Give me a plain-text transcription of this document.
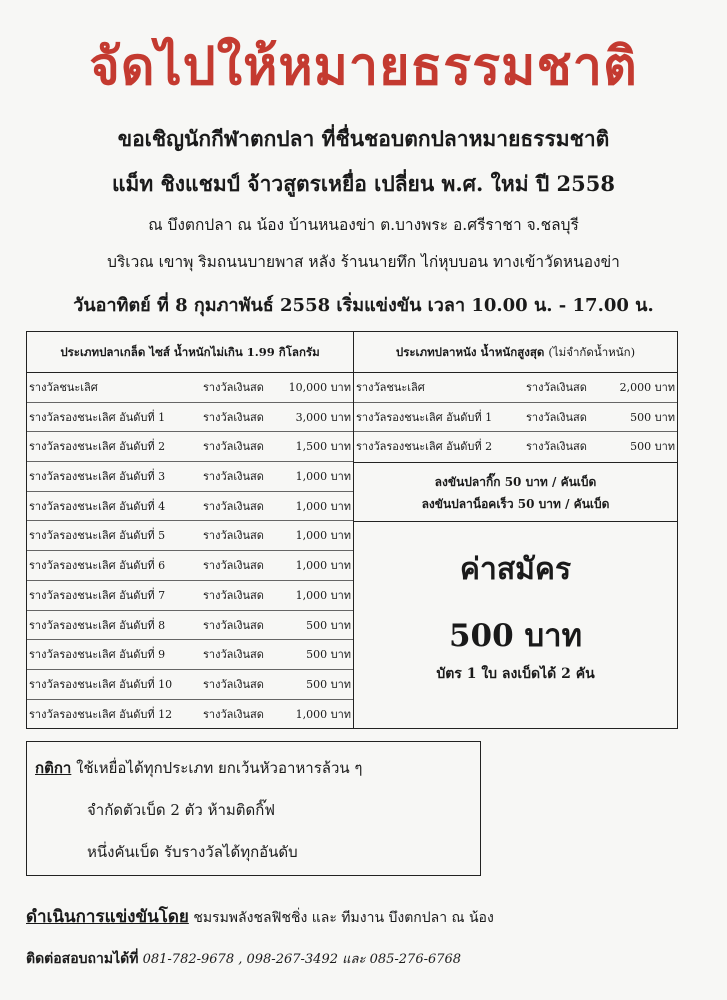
จัดไปให้หมายธรรมชาติ
ขอเชิญนักกีฬาตกปลา ที่ชื่นชอบตกปลาหมายธรรมชาติ
แม็ท ชิงแชมป์ จ้าวสูตรเหยื่อ เปลี่ยน พ.ศ. ใหม่ ปี 2558
ณ บึงตกปลา ณ น้อง บ้านหนองข่า ต.บางพระ อ.ศรีราชา จ.ชลบุรี
บริเวณ เขาพุ ริมถนนบายพาส หลัง ร้านนายทึก ไก่หุบบอน ทางเข้าวัดหนองข่า
วันอาทิตย์ ที่ 8 กุมภาพันธ์ 2558 เริ่มแข่งขัน เวลา 10.00 น. - 17.00 น.
ประเภทปลาเกล็ด ไซส์ น้ำหนักไม่เกิน 1.99 กิโลกรัม
รางวัลชนะเลิศ	รางวัลเงินสด 10,000 บาท
รางวัลรองชนะเลิศ อันดับที่ 1	รางวัลเงินสด	3,000 บาท
รางวัลรองชนะเลิศ อันดับที่ 2	รางวัลเงินสด	1,500 บาท
รางวัลรองชนะเลิศ อันดับที่ 3	รางวัลเงินสด	1,000 บาท
รางวัลรองชนะเลิศ อันดับที่ 4	รางวัลเงินสด	1,000 บาท
รางวัลรองชนะเลิศ อันดับที่ 5	รางวัลเงินสด	1,000 บาท
รางวัลรองชนะเลิศ อันดับที่ 6	รางวัลเงินสด	1,000 บาท
รางวัลรองชนะเลิศ อันดับที่ 7	รางวัลเงินสด	1,000 บาท
รางวัลรองชนะเลิศ อันดับที่ 8	รางวัลเงินสด	500 บาท
รางวัลรองชนะเลิศ อันดับที่ 9	รางวัลเงินสด	500 บาท
รางวัลรองชนะเลิศ อันดับที่ 10	รางวัลเงินสด	500 บาท
รางวัลรองชนะเลิศ อันดับที่ 12	รางวัลเงินสด	1,000 บาท
ประเภทปลาหนัง น้ำหนักสูงสุด (ไม่จำกัดน้ำหนัก)
รางวัลชนะเลิศ	รางวัลเงินสด	2,000 บาท
รางวัลรองชนะเลิศ อันดับที่ 1	รางวัลเงินสด	500 บาท
รางวัลรองชนะเลิศ อันดับที่ 2	รางวัลเงินสด	500 บาท
ลงขันปลากิ๊ก 50 บาท / คันเบ็ด
ลงขันปลาน็อคเร็ว 50 บาท / คันเบ็ด
ค่าสมัคร
500 บาท
บัตร 1 ใบ ลงเบ็ดได้ 2 คัน
กติกา ใช้เหยื่อได้ทุกประเภท ยกเว้นหัวอาหารล้วน ๆ
จำกัดตัวเบ็ด 2 ตัว ห้ามติดกิ๊ฟ
หนึ่งคันเบ็ด รับรางวัลได้ทุกอันดับ
ดำเนินการแข่งขันโดย ชมรมพลังชลฟิชชิ่ง และ ทีมงาน บึงตกปลา ณ น้อง
ติดต่อสอบถามได้ที่ 081-782-9678 , 098-267-3492 และ 085-276-6768
